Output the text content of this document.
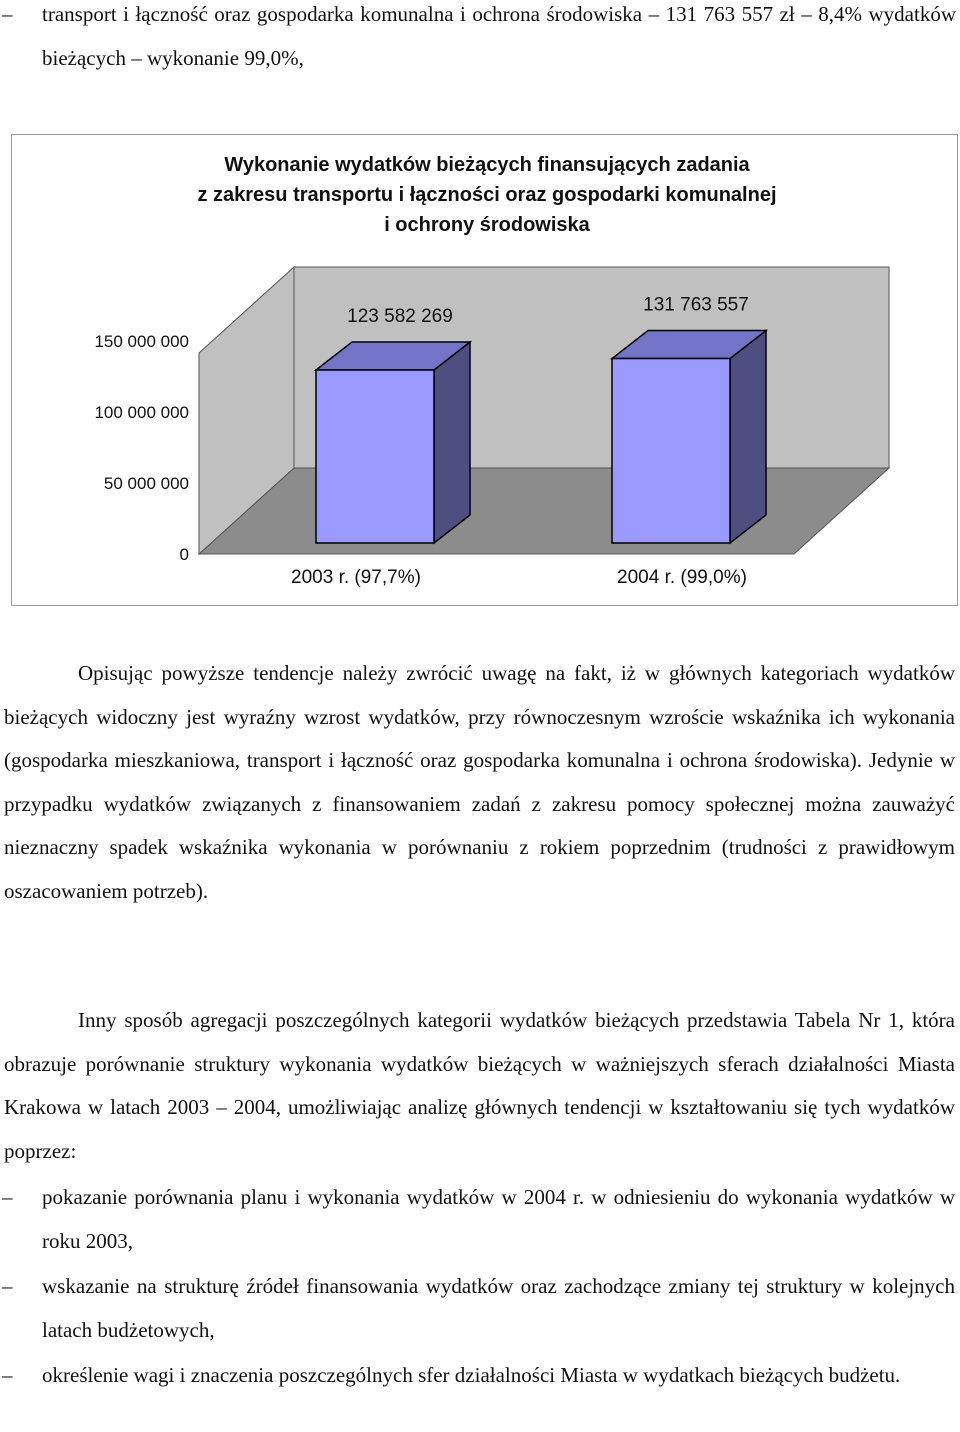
– transport i łączność oraz gospodarka komunalna i ochrona środowiska – 131 763 557 zł – 8,4% wydatków bieżących – wykonanie 99,0%,
0
50 000 000
100 000 000
150 000 000
123 582 269
2003 r. (97,7%)
131 763 557
2004 r. (99,0%)
Wykonanie wydatków bieżących finansujących zadania
z zakresu transportu i łączności oraz gospodarki komunalnej
i ochrony środowiska

Opisując powyższe tendencje należy zwrócić uwagę na fakt, iż w głównych kategoriach wydatków bieżących widoczny jest wyraźny wzrost wydatków, przy równoczesnym wzroście wskaźnika ich wykonania (gospodarka mieszkaniowa, transport i łączność oraz gospodarka komunalna i ochrona środowiska). Jedynie w przypadku wydatków związanych z finansowaniem zadań z zakresu pomocy społecznej można zauważyć nieznaczny spadek wskaźnika wykonania w porównaniu z rokiem poprzednim (trudności z prawidłowym oszacowaniem potrzeb).

Inny sposób agregacji poszczególnych kategorii wydatków bieżących przedstawia Tabela Nr 1, która obrazuje porównanie struktury wykonania wydatków bieżących w ważniejszych sferach działalności Miasta Krakowa w latach 2003 – 2004, umożliwiając analizę głównych tendencji w kształtowaniu się tych wydatków poprzez:

– pokazanie porównania planu i wykonania wydatków w 2004 r. w odniesieniu do wykonania wydatków w roku 2003,
– wskazanie na strukturę źródeł finansowania wydatków oraz zachodzące zmiany tej struktury w kolejnych latach budżetowych,
– określenie wagi i znaczenia poszczególnych sfer działalności Miasta w wydatkach bieżących budżetu.
